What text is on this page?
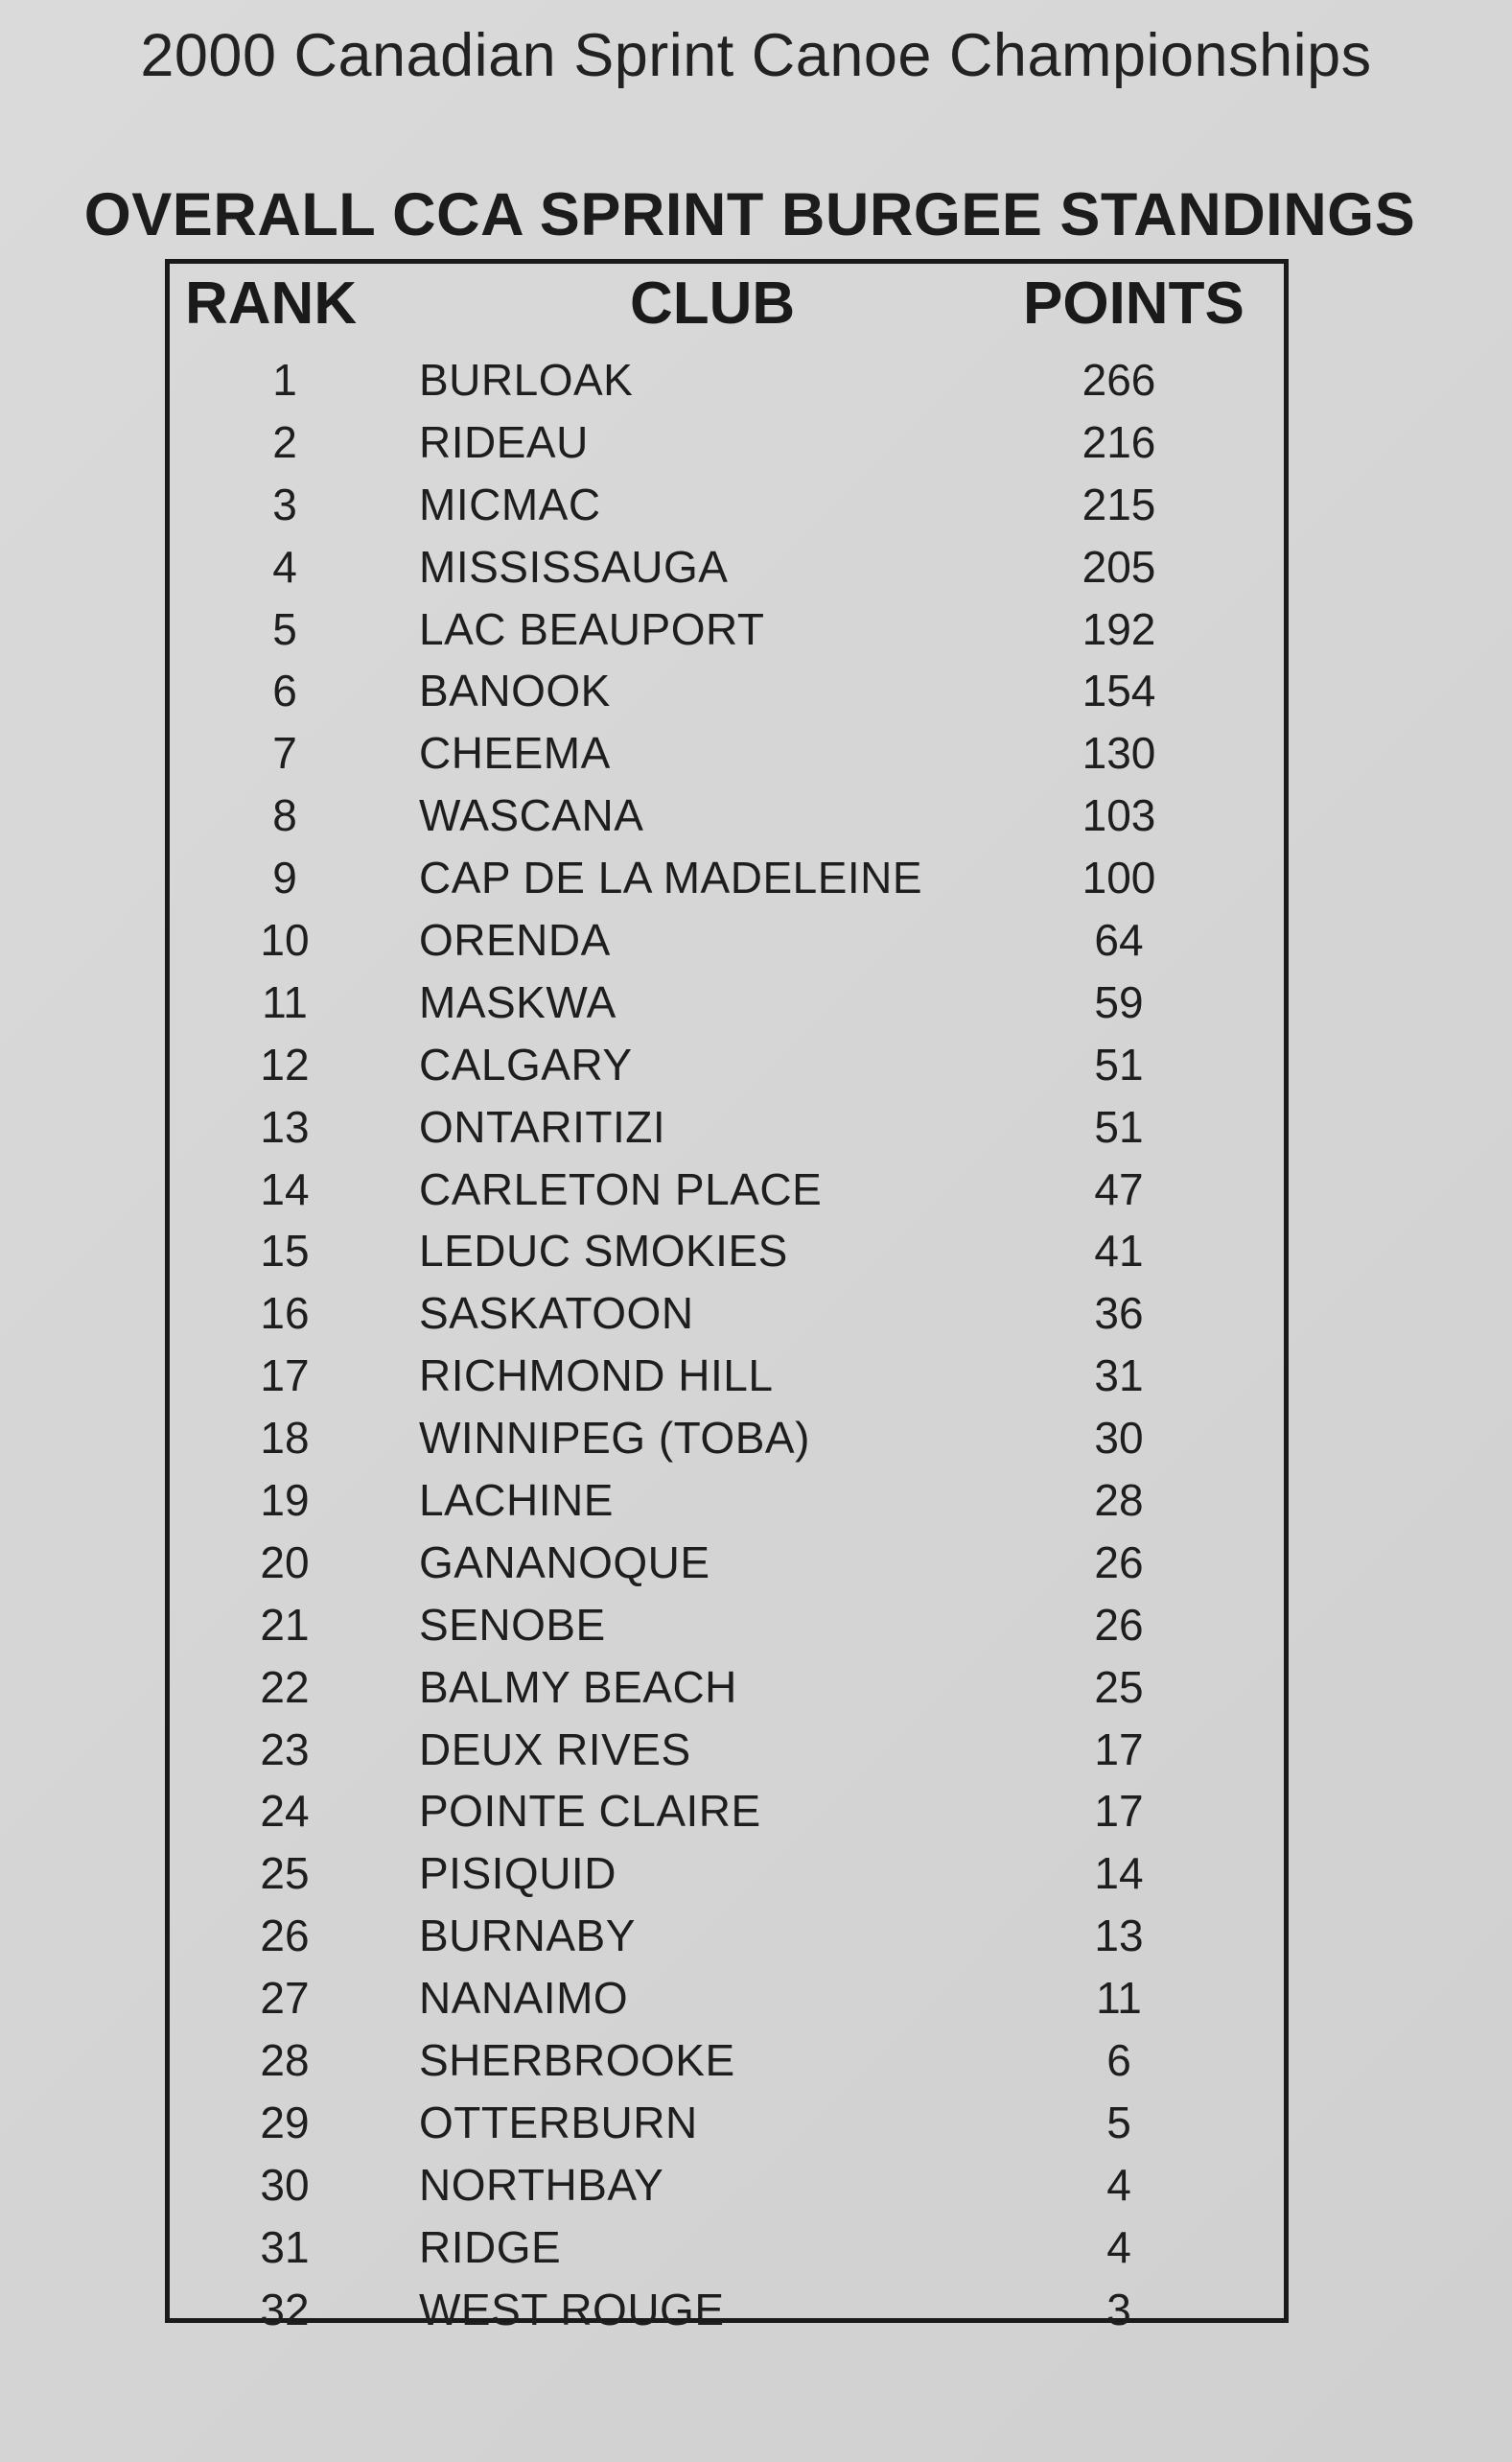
2000 Canadian Sprint Canoe Championships
OVERALL CCA SPRINT BURGEE STANDINGS
RANK	CLUB	POINTS
1	BURLOAK	266
2	RIDEAU	216
3	MICMAC	215
4	MISSISSAUGA	205
5	LAC BEAUPORT	192
6	BANOOK	154
7	CHEEMA	130
8	WASCANA	103
9	CAP DE LA MADELEINE	100
10	ORENDA	64
11	MASKWA	59
12	CALGARY	51
13	ONTARITIZI	51
14	CARLETON PLACE	47
15	LEDUC SMOKIES	41
16	SASKATOON	36
17	RICHMOND HILL	31
18	WINNIPEG (TOBA)	30
19	LACHINE	28
20	GANANOQUE	26
21	SENOBE	26
22	BALMY BEACH	25
23	DEUX RIVES	17
24	POINTE CLAIRE	17
25	PISIQUID	14
26	BURNABY	13
27	NANAIMO	11
28	SHERBROOKE	6
29	OTTERBURN	5
30	NORTHBAY	4
31	RIDGE	4
32	WEST ROUGE	3
